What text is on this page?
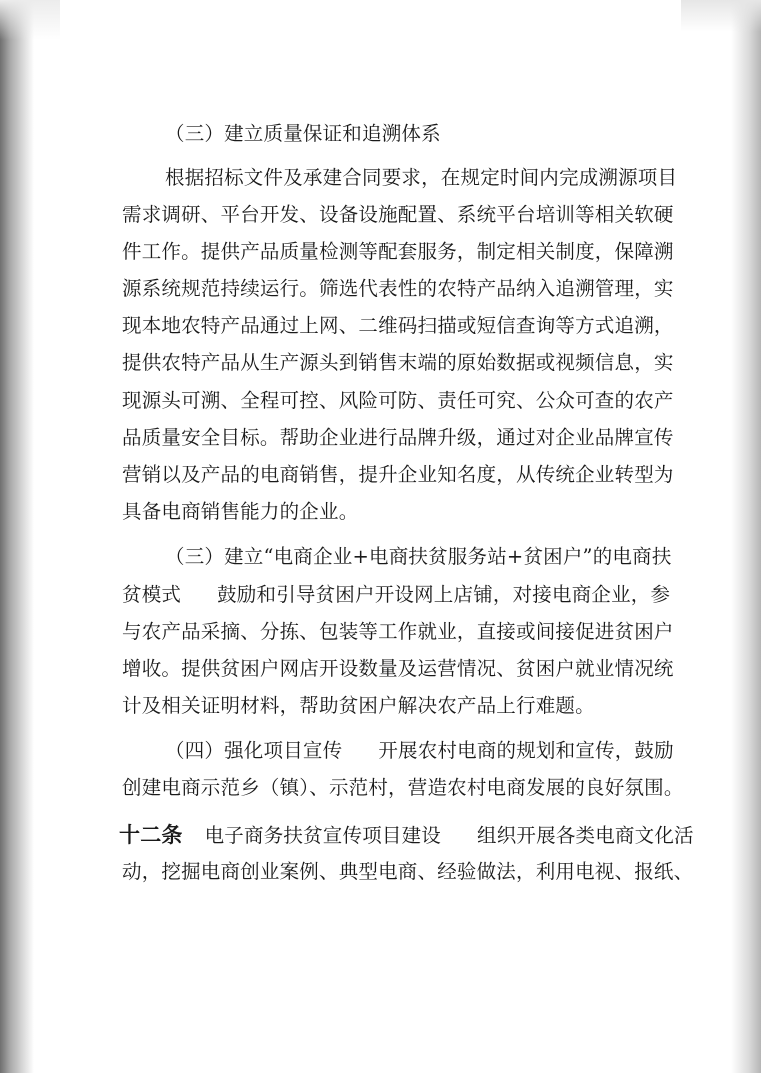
（三）建立质量保证和追溯体系
根据招标文件及承建合同要求，在规定时间内完成溯源项目
需求调研、平台开发、设备设施配置、系统平台培训等相关软硬
件工作。提供产品质量检测等配套服务，制定相关制度，保障溯
源系统规范持续运行。筛选代表性的农特产品纳入追溯管理，实
现本地农特产品通过上网、二维码扫描或短信查询等方式追溯，
提供农特产品从生产源头到销售末端的原始数据或视频信息，实
现源头可溯、全程可控、风险可防、责任可究、公众可查的农产
品质量安全目标。帮助企业进行品牌升级，通过对企业品牌宣传
营销以及产品的电商销售，提升企业知名度，从传统企业转型为
具备电商销售能力的企业。
（三）建立“电商企业+电商扶贫服务站+贫困户”的电商扶
贫模式 鼓励和引导贫困户开设网上店铺，对接电商企业，参
与农产品采摘、分拣、包装等工作就业，直接或间接促进贫困户
增收。提供贫困户网店开设数量及运营情况、贫困户就业情况统
计及相关证明材料，帮助贫困户解决农产品上行难题。
（四）强化项目宣传 开展农村电商的规划和宣传，鼓励
创建电商示范乡（镇）、示范村，营造农村电商发展的良好氛围。
十二条 电子商务扶贫宣传项目建设 组织开展各类电商文化活
动，挖掘电商创业案例、典型电商、经验做法，利用电视、报纸、
